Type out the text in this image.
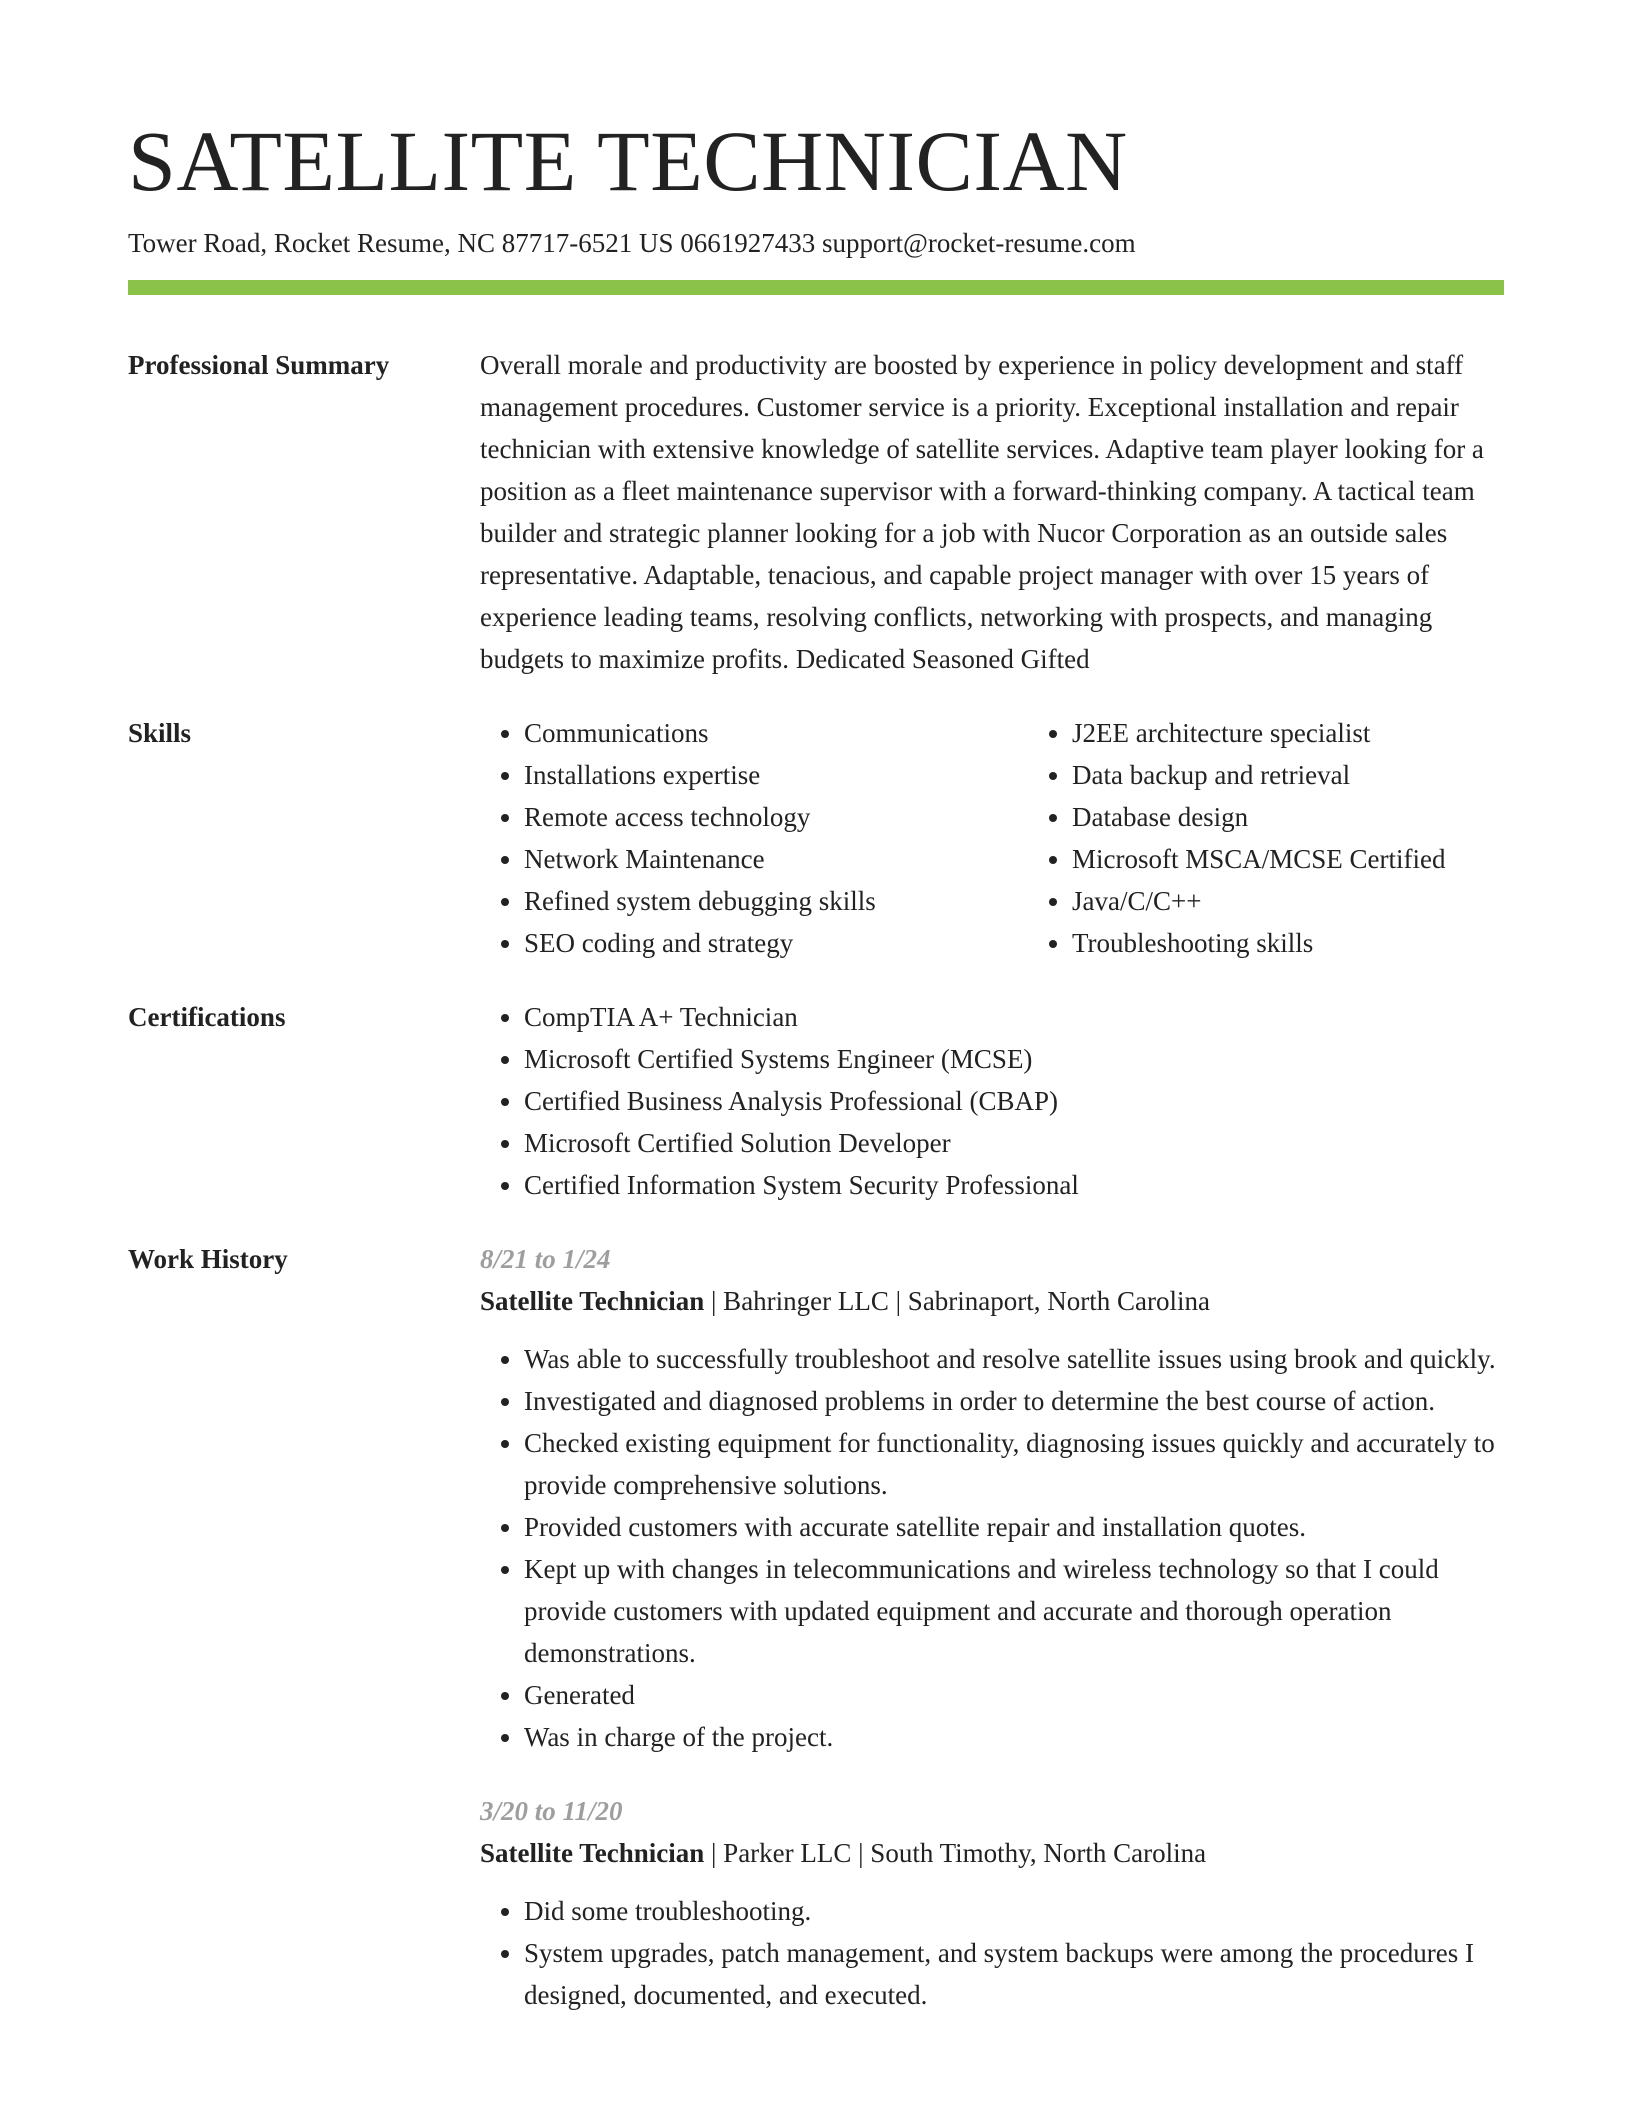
SATELLITE TECHNICIAN
Tower Road, Rocket Resume, NC 87717-6521 US 0661927433 support@rocket-resume.com
Professional Summary	Overall morale and productivity are boosted by experience in policy development and staff management procedures. Customer service is a priority. Exceptional installation and repair technician with extensive knowledge of satellite services. Adaptive team player looking for a position as a fleet maintenance supervisor with a forward-thinking company. A tactical team builder and strategic planner looking for a job with Nucor Corporation as an outside sales representative. Adaptable, tenacious, and capable project manager with over 15 years of experience leading teams, resolving conflicts, networking with prospects, and managing budgets to maximize profits. Dedicated Seasoned Gifted

Skills	• Communications
• Installations expertise
• Remote access technology
• Network Maintenance
• Refined system debugging skills
• SEO coding and strategy
• J2EE architecture specialist
• Data backup and retrieval
• Database design
• Microsoft MSCA/MCSE Certified
• Java/C/C++
• Troubleshooting skills
Certifications	• CompTIA A+ Technician
• Microsoft Certified Systems Engineer (MCSE)
• Certified Business Analysis Professional (CBAP)
• Microsoft Certified Solution Developer
• Certified Information System Security Professional
Work History	8/21 to 1/24
Satellite Technician | Bahringer LLC | Sabrinaport, North Carolina
• Was able to successfully troubleshoot and resolve satellite issues using brook and quickly.
• Investigated and diagnosed problems in order to determine the best course of action.
• Checked existing equipment for functionality, diagnosing issues quickly and accurately to provide comprehensive solutions.
• Provided customers with accurate satellite repair and installation quotes.
• Kept up with changes in telecommunications and wireless technology so that I could provide customers with updated equipment and accurate and thorough operation demonstrations.
• Generated
• Was in charge of the project.
3/20 to 11/20
Satellite Technician | Parker LLC | South Timothy, North Carolina
• Did some troubleshooting.
• System upgrades, patch management, and system backups were among the procedures I designed, documented, and executed.
